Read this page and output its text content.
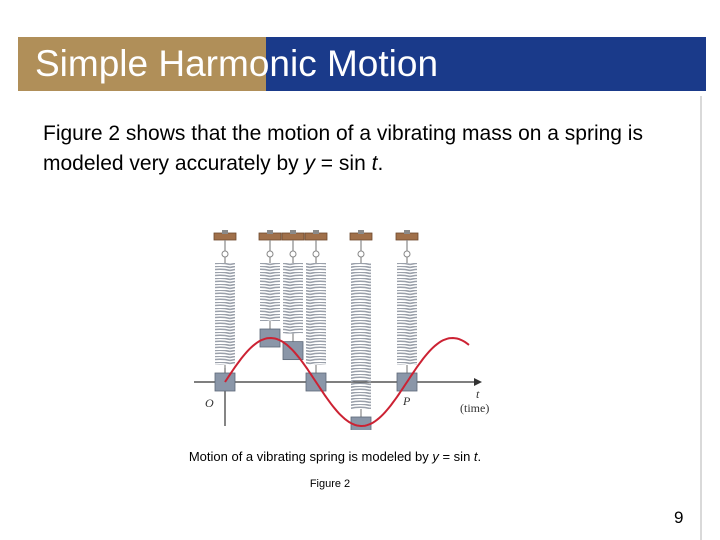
Simple Harmonic Motion
Figure 2 shows that the motion of a vibrating mass on a spring is modeled very accurately by y = sin t.
O	P	t
(time)
Motion of a vibrating spring is modeled by y = sin t.
Figure 2
9
